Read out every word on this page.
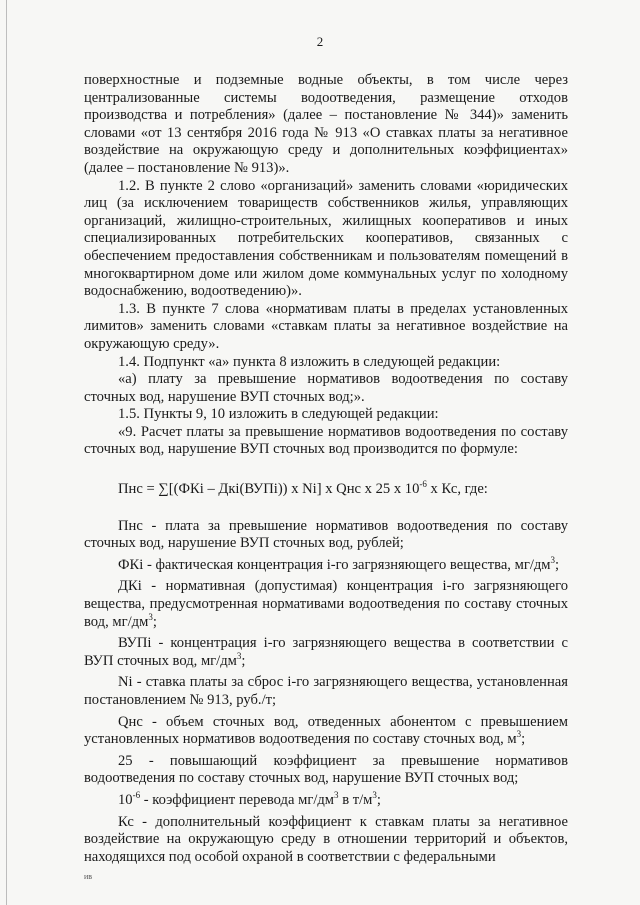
2

поверхностные и подземные водные объекты, в том числе через централизованные системы водоотведения, размещение отходов производства и потребления» (далее – постановление № 344)» заменить словами «от 13 сентября 2016 года № 913 «О ставках платы за негативное воздействие на окружающую среду и дополнительных коэффициентах» (далее – постановление № 913)».

1.2. В пункте 2 слово «организаций» заменить словами «юридических лиц (за исключением товариществ собственников жилья, управляющих организаций, жилищно-строительных, жилищных кооперативов и иных специализированных потребительских кооперативов, связанных с обеспечением предоставления собственникам и пользователям помещений в многоквартирном доме или жилом доме коммунальных услуг по холодному водоснабжению, водоотведению)».

1.3. В пункте 7 слова «нормативам платы в пределах установленных лимитов» заменить словами «ставкам платы за негативное воздействие на окружающую среду».

1.4. Подпункт «а» пункта 8 изложить в следующей редакции:

«а) плату за превышение нормативов водоотведения по составу сточных вод, нарушение ВУП сточных вод;».

1.5. Пункты 9, 10 изложить в следующей редакции:

«9. Расчет платы за превышение нормативов водоотведения по составу сточных вод, нарушение ВУП сточных вод производится по формуле:

Пнс = ∑[(ФКi – Дкi(ВУПi)) х Ni] х Qнс х 25 х $10^{-6}$ х Кс, где:

Пнс - плата за превышение нормативов водоотведения по составу сточных вод, нарушение ВУП сточных вод, рублей;

ФКi - фактическая концентрация i-го загрязняющего вещества, $мг/дм^3$;

ДКi - нормативная (допустимая) концентрация i-го загрязняющего вещества, предусмотренная нормативами водоотведения по составу сточных вод, $мг/дм^3$;

ВУПi - концентрация i-го загрязняющего вещества в соответствии с ВУП сточных вод, $мг/дм^3$;

Ni - ставка платы за сброс i-го загрязняющего вещества, установленная постановлением № 913, руб./т;

Qнс - объем сточных вод, отведенных абонентом с превышением установленных нормативов водоотведения по составу сточных вод, $м^3$;

25 - повышающий коэффициент за превышение нормативов водоотведения по составу сточных вод, нарушение ВУП сточных вод;

$10^{-6}$ - коэффициент перевода $мг/дм^3$ в $т/м^3$;

Кс - дополнительный коэффициент к ставкам платы за негативное воздействие на окружающую среду в отношении территорий и объектов, находящихся под особой охраной в соответствии с федеральными

ив
